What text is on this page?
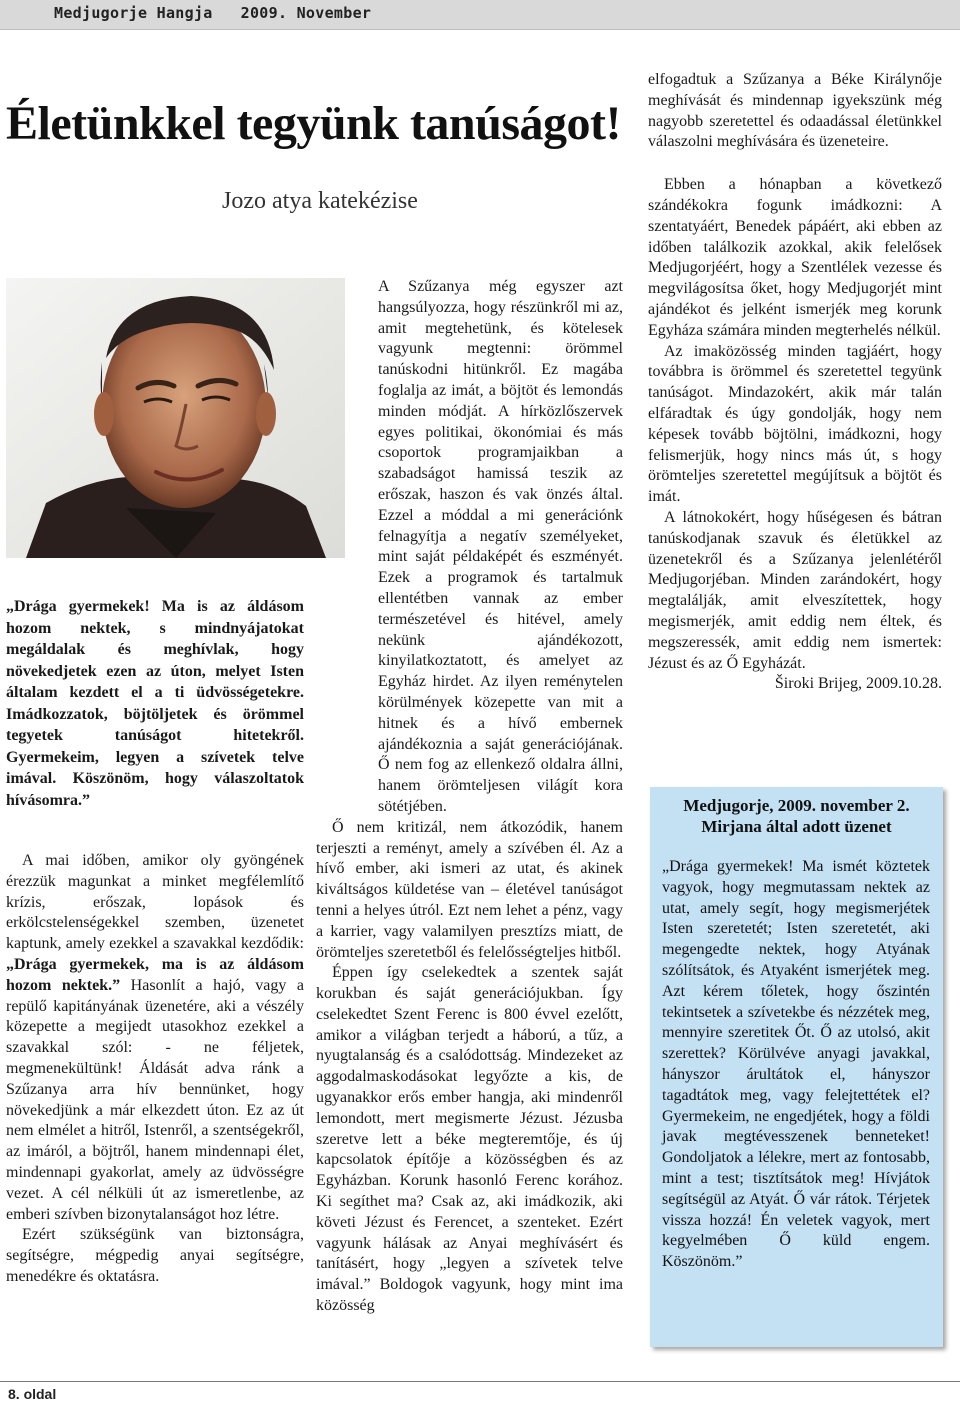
Medjugorje Hangja   2009. November
Életünkkel tegyünk tanúságot!
Jozo atya katekézise

„Drága gyermekek! Ma is az áldásom hozom nektek, s mindnyájatokat megáldalak és meghívlak, hogy növekedjetek ezen az úton, melyet Isten általam kezdett el a ti üdvösségetekre. Imádkozzatok, böjtöljetek és örömmel tegyetek tanúságot hitetekről. Gyermekeim, legyen a szívetek telve imával. Köszönöm, hogy válaszoltatok hívásomra.”

A mai időben, amikor oly gyöngének érezzük magunkat a minket megfélemlítő krízis, erőszak, lopások és erkölcstelenségekkel szemben, üzenetet kaptunk, amely ezekkel a szavakkal kezdődik: „Drága gyermekek, ma is az áldásom hozom nektek.” Hasonlít a hajó, vagy a repülő kapitányának üzenetére, aki a vészély közepette a megijedt utasokhoz ezekkel a szavakkal szól: - ne féljetek, megmenekültünk! Áldását adva ránk a Szűzanya arra hív bennünket, hogy növekedjünk a már elkezdett úton. Ez az út nem elmélet a hitről, Istenről, a szentségekről, az imáról, a böjtről, hanem mindennapi élet, mindennapi gyakorlat, amely az üdvösségre vezet. A cél nélküli út az ismeretlenbe, az emberi szívben bizonytalanságot hoz létre.

Ezért szükségünk van biztonságra, segítségre, mégpedig anyai segítségre, menedékre és oktatásra.

A Szűzanya még egyszer azt hangsúlyozza, hogy részünkről mi az, amit megtehetünk, és kötelesek vagyunk megtenni: örömmel tanúskodni hitünkről. Ez magába foglalja az imát, a böjtöt és lemondás minden módját. A hírközlőszervek egyes politikai, ökonómiai és más csoportok programjaikban a szabadságot hamissá teszik az erőszak, haszon és vak önzés által. Ezzel a móddal a mi generációnk felnagyítja a negatív személyeket, mint saját példaképét és eszményét. Ezek a programok és tartalmuk ellentétben vannak az ember természetével és hitével, amely nekünk ajándékozott, kinyilatkoztatott, és amelyet az Egyház hirdet. Az ilyen reménytelen körülmények közepette van mit a hitnek és a hívő embernek ajándékoznia a saját generációjának. Ő nem fog az ellenkező oldalra állni, hanem örömteljesen világít kora sötétjében.

Ő nem kritizál, nem átkozódik, hanem terjeszti a reményt, amely a szívében él. Az a hívő ember, aki ismeri az utat, és akinek kiváltságos küldetése van – életével tanúságot tenni a helyes útról. Ezt nem lehet a pénz, vagy a karrier, vagy valamilyen presztízs miatt, de örömteljes szeretetből és felelősségteljes hitből.

Éppen így cselekedtek a szentek saját korukban és saját generációjukban. Így cselekedtet Szent Ferenc is 800 évvel ezelőtt, amikor a világban terjedt a háború, a tűz, a nyugtalanság és a csalódottság. Mindezeket az aggodalmaskodásokat legyőzte a kis, de ugyanakkor erős ember hangja, aki mindenről lemondott, mert megismerte Jézust. Jézusba szeretve lett a béke megteremtője, és új kapcsolatok építője a közösségben és az Egyházban. Korunk hasonló Ferenc korához. Ki segíthet ma? Csak az, aki imádkozik, aki követi Jézust és Ferencet, a szenteket. Ezért vagyunk hálásak az Anyai meghívásért és tanításért, hogy „legyen a szívetek telve imával.” Boldogok vagyunk, hogy mint ima közösség

elfogadtuk a Szűzanya a Béke Királynője meghívását és mindennap igyekszünk még nagyobb szeretettel és odaadással életünkkel válaszolni meghívására és üzeneteire.

Ebben a hónapban a következő szándékokra fogunk imádkozni: A szentatyáért, Benedek pápáért, aki ebben az időben találkozik azokkal, akik felelősek Medjugorjéért, hogy a Szentlélek vezesse és megvilágosítsa őket, hogy Medjugorjét mint ajándékot és jelként ismerjék meg korunk Egyháza számára minden megterhelés nélkül.

Az imaközösség minden tagjáért, hogy továbbra is örömmel és szeretettel tegyünk tanúságot. Mindazokért, akik már talán elfáradtak és úgy gondolják, hogy nem képesek tovább böjtölni, imádkozni, hogy felismerjük, hogy nincs más út, s hogy örömteljes szeretettel megújítsuk a böjtöt és imát.

A látnokokért, hogy hűségesen és bátran tanúskodjanak szavuk és életükkel az üzenetekről és a Szűzanya jelenlétéről Medjugorjéban. Minden zarándokért, hogy megtalálják, amit elveszítettek, hogy megismerjék, amit eddig nem éltek, és megszeressék, amit eddig nem ismertek: Jézust és az Ő Egyházát.

Široki Brijeg, 2009.10.28.

Medjugorje, 2009. november 2.
Mirjana által adott üzenet
„Drága gyermekek! Ma ismét köztetek vagyok, hogy megmutassam nektek az utat, amely segít, hogy megismerjétek Isten szeretetét; Isten szeretetét, aki megengedte nektek, hogy Atyának szólítsátok, és Atyaként ismerjétek meg. Azt kérem tőletek, hogy őszintén tekintsetek a szívetekbe és nézzétek meg, mennyire szeretitek Őt. Ő az utolsó, akit szerettek? Körülvéve anyagi javakkal, hányszor árultátok el, hányszor tagadtátok meg, vagy felejtettétek el? Gyermekeim, ne engedjétek, hogy a földi javak megtévesszenek benneteket! Gondoljatok a lélekre, mert az fontosabb, mint a test; tisztítsátok meg! Hívjátok segítségül az Atyát. Ő vár rátok. Térjetek vissza hozzá! Én veletek vagyok, mert kegyelmében Ő küld engem. Köszönöm.”
8. oldal
